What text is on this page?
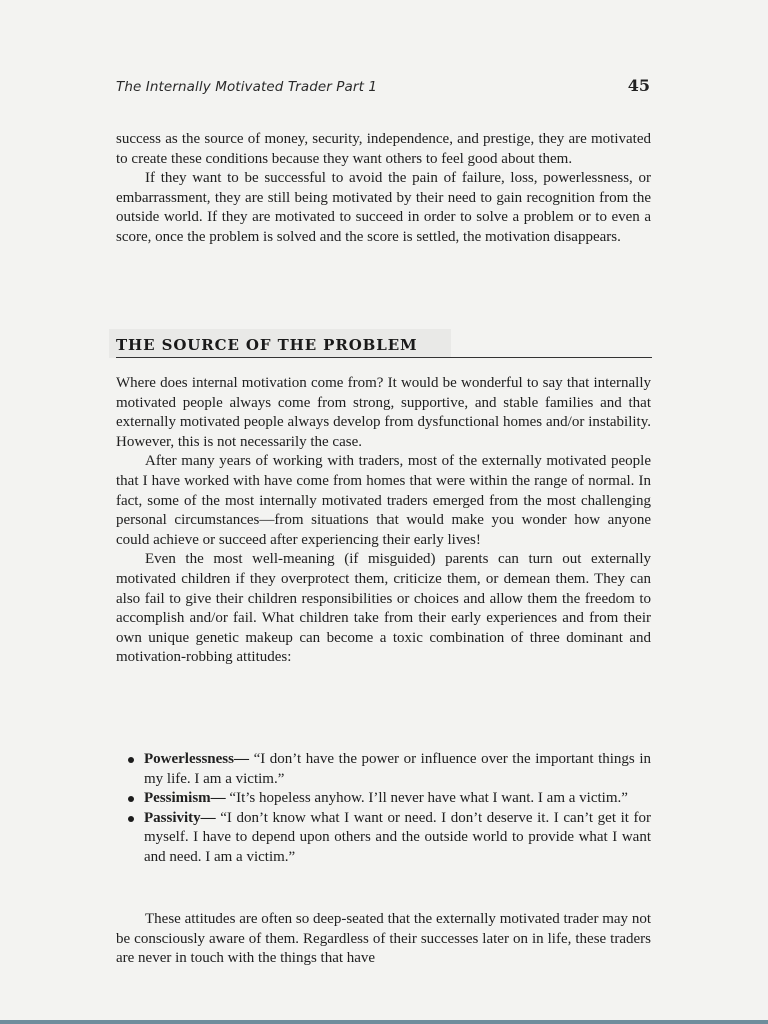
The Internally Motivated Trader Part 1	45

success as the source of money, security, independence, and prestige, they are motivated to create these conditions because they want others to feel good about them.

If they want to be successful to avoid the pain of failure, loss, powerlessness, or embarrassment, they are still being motivated by their need to gain recognition from the outside world. If they are motivated to succeed in order to solve a problem or to even a score, once the problem is solved and the score is settled, the motivation disappears.

THE SOURCE OF THE PROBLEM

Where does internal motivation come from? It would be wonderful to say that internally motivated people always come from strong, supportive, and stable families and that externally motivated people always develop from dysfunctional homes and/or instability. However, this is not necessarily the case.

After many years of working with traders, most of the externally motivated people that I have worked with have come from homes that were within the range of normal. In fact, some of the most internally motivated traders emerged from the most challenging personal circumstances—from situations that would make you wonder how anyone could achieve or succeed after experiencing their early lives!

Even the most well-meaning (if misguided) parents can turn out externally motivated children if they overprotect them, criticize them, or demean them. They can also fail to give their children responsibilities or choices and allow them the freedom to accomplish and/or fail. What children take from their early experiences and from their own unique genetic makeup can become a toxic combination of three dominant and motivation-robbing attitudes:

Powerlessness— “I don’t have the power or influence over the important things in my life. I am a victim.”
Pessimism— “It’s hopeless anyhow. I’ll never have what I want. I am a victim.”
Passivity— “I don’t know what I want or need. I don’t deserve it. I can’t get it for myself. I have to depend upon others and the outside world to provide what I want and need. I am a victim.”

These attitudes are often so deep-seated that the externally motivated trader may not be consciously aware of them. Regardless of their successes later on in life, these traders are never in touch with the things that have
